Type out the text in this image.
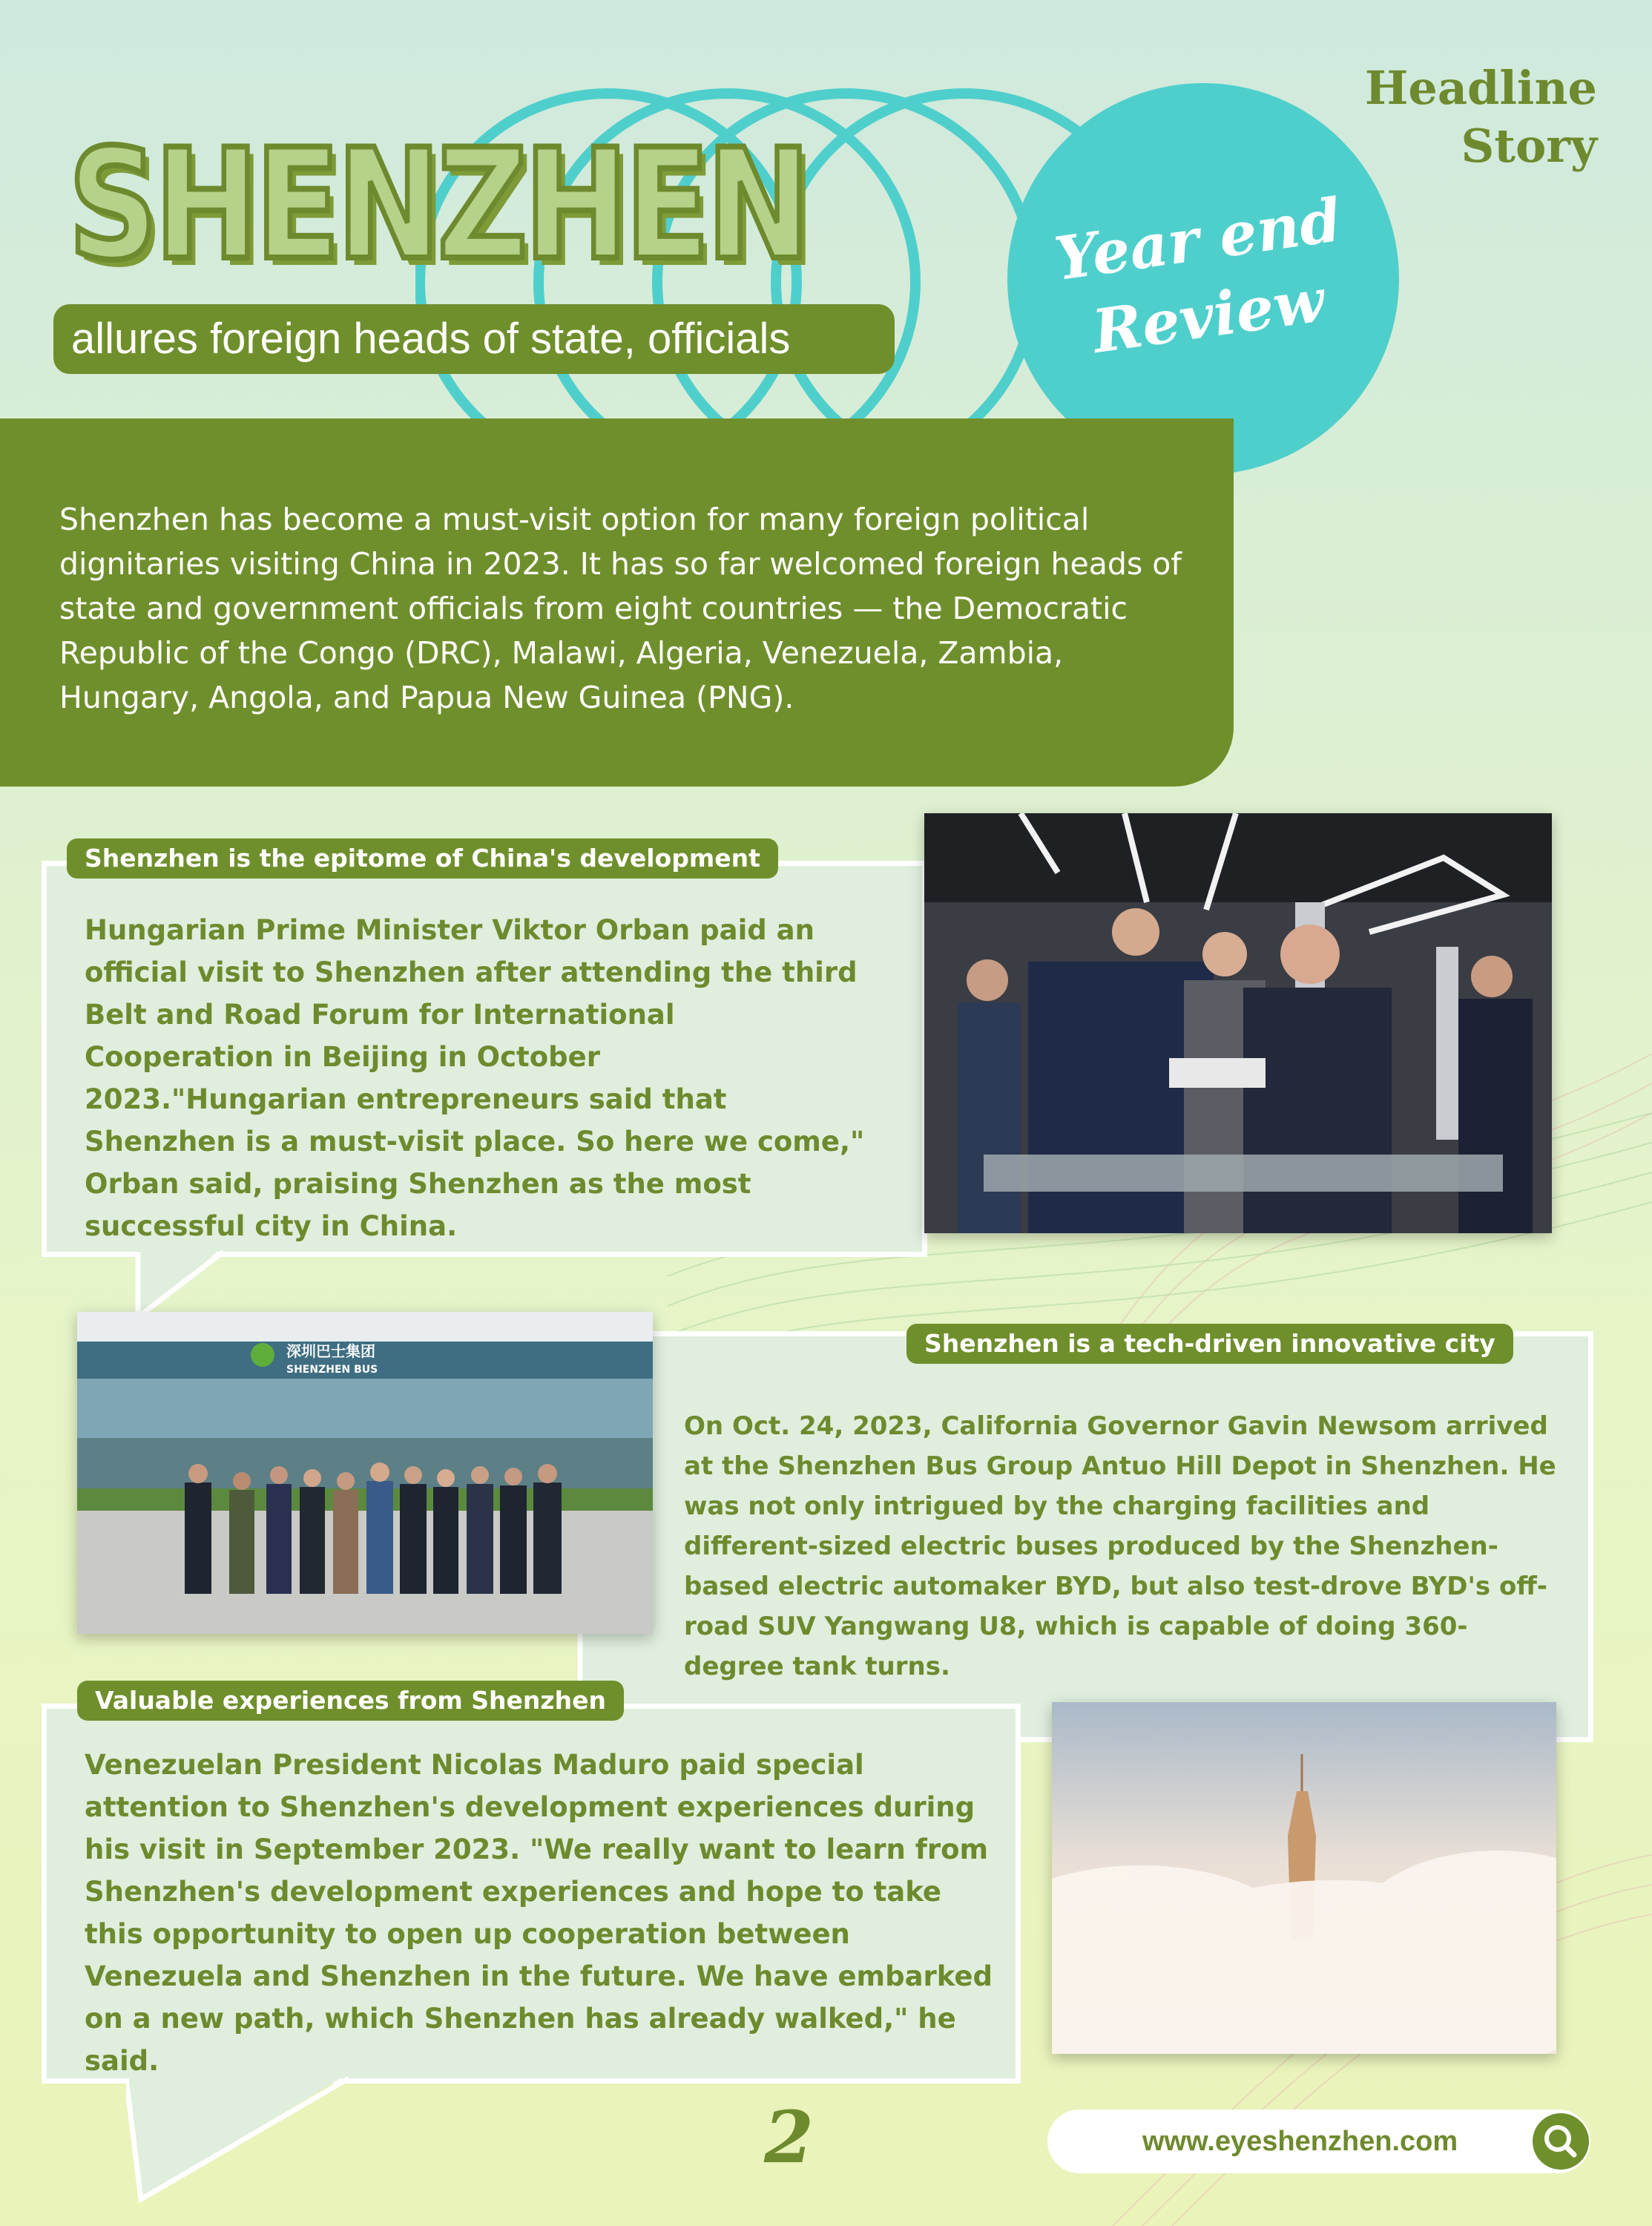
SHENZHEN
allures foreign heads of state, officials

Year end
Review

Headline
Story

Shenzhen has become a must-visit option for many foreign political dignitaries visiting China in 2023. It has so far welcomed foreign heads of state and government officials from eight countries — the Democratic Republic of the Congo (DRC), Malawi, Algeria, Venezuela, Zambia, Hungary, Angola, and Papua New Guinea (PNG).

Shenzhen is the epitome of China's development

Hungarian Prime Minister Viktor Orban paid an official visit to Shenzhen after attending the third Belt and Road Forum for International Cooperation in Beijing in October 2023."Hungarian entrepreneurs said that Shenzhen is a must-visit place. So here we come," Orban said, praising Shenzhen as the most successful city in China.

Shenzhen is a tech-driven innovative city

On Oct. 24, 2023, California Governor Gavin Newsom arrived at the Shenzhen Bus Group Antuo Hill Depot in Shenzhen. He was not only intrigued by the charging facilities and different-sized electric buses produced by the Shenzhen-based electric automaker BYD, but also test-drove BYD's off-road SUV Yangwang U8, which is capable of doing 360-degree tank turns.

深圳巴士集团
SHENZHEN BUS
Valuable experiences from Shenzhen

Venezuelan President Nicolas Maduro paid special attention to Shenzhen's development experiences during his visit in September 2023. "We really want to learn from Shenzhen's development experiences and hope to take this opportunity to open up cooperation between Venezuela and Shenzhen in the future. We have embarked on a new path, which Shenzhen has already walked," he said.

2	www.eyeshenzhen.com
